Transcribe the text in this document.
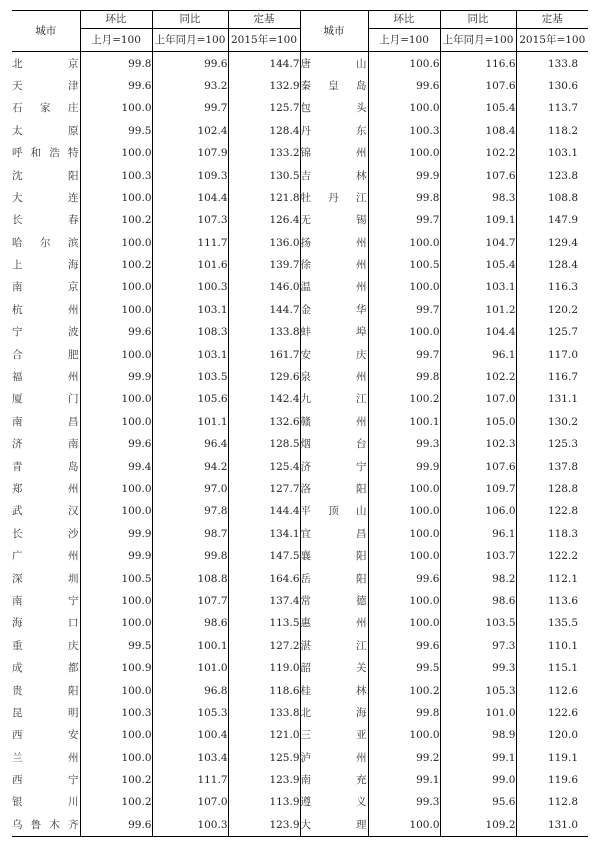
城市	环比	同比	定基	城市	环比	同比	定基
	上月=100	上年同月=100	2015年=100		上月=100	上年同月=100	2015年=100
北京	99.8	99.6	144.7	唐山	100.6	116.6	133.8
天津	99.6	93.2	132.9	秦皇岛	99.6	107.6	130.6
石家庄	100.0	99.7	125.7	包头	100.0	105.4	113.7
太原	99.5	102.4	128.4	丹东	100.3	108.4	118.2
呼和浩特	100.0	107.9	133.2	锦州	100.0	102.2	103.1
沈阳	100.3	109.3	130.5	吉林	99.9	107.6	123.8
大连	100.0	104.4	121.8	牡丹江	99.8	98.3	108.8
长春	100.2	107.3	126.4	无锡	99.7	109.1	147.9
哈尔滨	100.0	111.7	136.0	扬州	100.0	104.7	129.4
上海	100.2	101.6	139.7	徐州	100.5	105.4	128.4
南京	100.0	100.3	146.0	温州	100.0	103.1	116.3
杭州	100.0	103.1	144.7	金华	99.7	101.2	120.2
宁波	99.6	108.3	133.8	蚌埠	100.0	104.4	125.7
合肥	100.0	103.1	161.7	安庆	99.7	96.1	117.0
福州	99.9	103.5	129.6	泉州	99.8	102.2	116.7
厦门	100.0	105.6	142.4	九江	100.2	107.0	131.1
南昌	100.0	101.1	132.6	赣州	100.1	105.0	130.2
济南	99.6	96.4	128.5	烟台	99.3	102.3	125.3
青岛	99.4	94.2	125.4	济宁	99.9	107.6	137.8
郑州	100.0	97.0	127.7	洛阳	100.0	109.7	128.8
武汉	100.0	97.8	144.4	平顶山	100.0	106.0	122.8
长沙	99.9	98.7	134.1	宜昌	100.0	96.1	118.3
广州	99.9	99.8	147.5	襄阳	100.0	103.7	122.2
深圳	100.5	108.8	164.6	岳阳	99.6	98.2	112.1
南宁	100.0	107.7	137.4	常德	100.0	98.6	113.6
海口	100.0	98.6	113.5	惠州	100.0	103.5	135.5
重庆	99.5	100.1	127.2	湛江	99.6	97.3	110.1
成都	100.9	101.0	119.0	韶关	99.5	99.3	115.1
贵阳	100.0	96.8	118.6	桂林	100.2	105.3	112.6
昆明	100.3	105.3	133.8	北海	99.8	101.0	122.6
西安	100.0	100.4	121.0	三亚	100.0	98.9	120.0
兰州	100.0	103.4	125.9	泸州	99.2	99.1	119.1
西宁	100.2	111.7	123.9	南充	99.1	99.0	119.6
银川	100.2	107.0	113.9	遵义	99.3	95.6	112.8
乌鲁木齐	99.6	100.3	123.9	大理	100.0	109.2	131.0
